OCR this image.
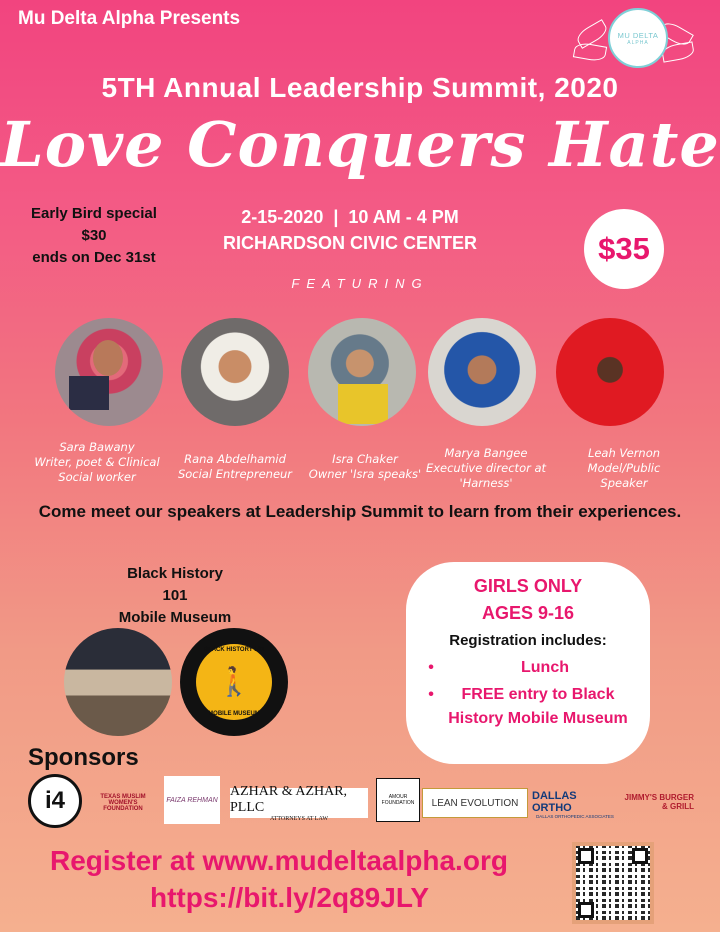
Mu Delta Alpha Presents
MU DELTA
ALPHA
5TH Annual Leadership Summit, 2020
Love Conquers Hate
Early Bird special
$30
ends on Dec 31st
2-15-2020  |  10 AM - 4 PM
RICHARDSON CIVIC CENTER	$35
FEATURING
Sara Bawany
Writer, poet & Clinical Social worker
Rana Abdelhamid
Social Entrepreneur
Isra Chaker
Owner 'Isra speaks'
Marya Bangee
Executive director at 'Harness'
Leah Vernon
Model/Public Speaker
Come meet our speakers at Leadership Summit to learn from their experiences.
Black History
101
Mobile Museum
BLACK HISTORY 101
🚶
MOBILE MUSEUM
GIRLS ONLY
AGES 9-16
Registration includes:
•	Lunch
•	FREE entry to Black History Mobile Museum
Sponsors
i4	TEXAS MUSLIM WOMEN'S FOUNDATION
FAIZA REHMAN
AZHAR & AZHAR, PLLC
ATTORNEYS AT LAW
AMOUR FOUNDATION	LEAN EVOLUTION
DALLAS ORTHO
DALLAS ORTHOPEDIC ASSOCIATES
JIMMY'S BURGER & GRILL
Register at www.mudeltaalpha.org
https://bit.ly/2q89JLY
